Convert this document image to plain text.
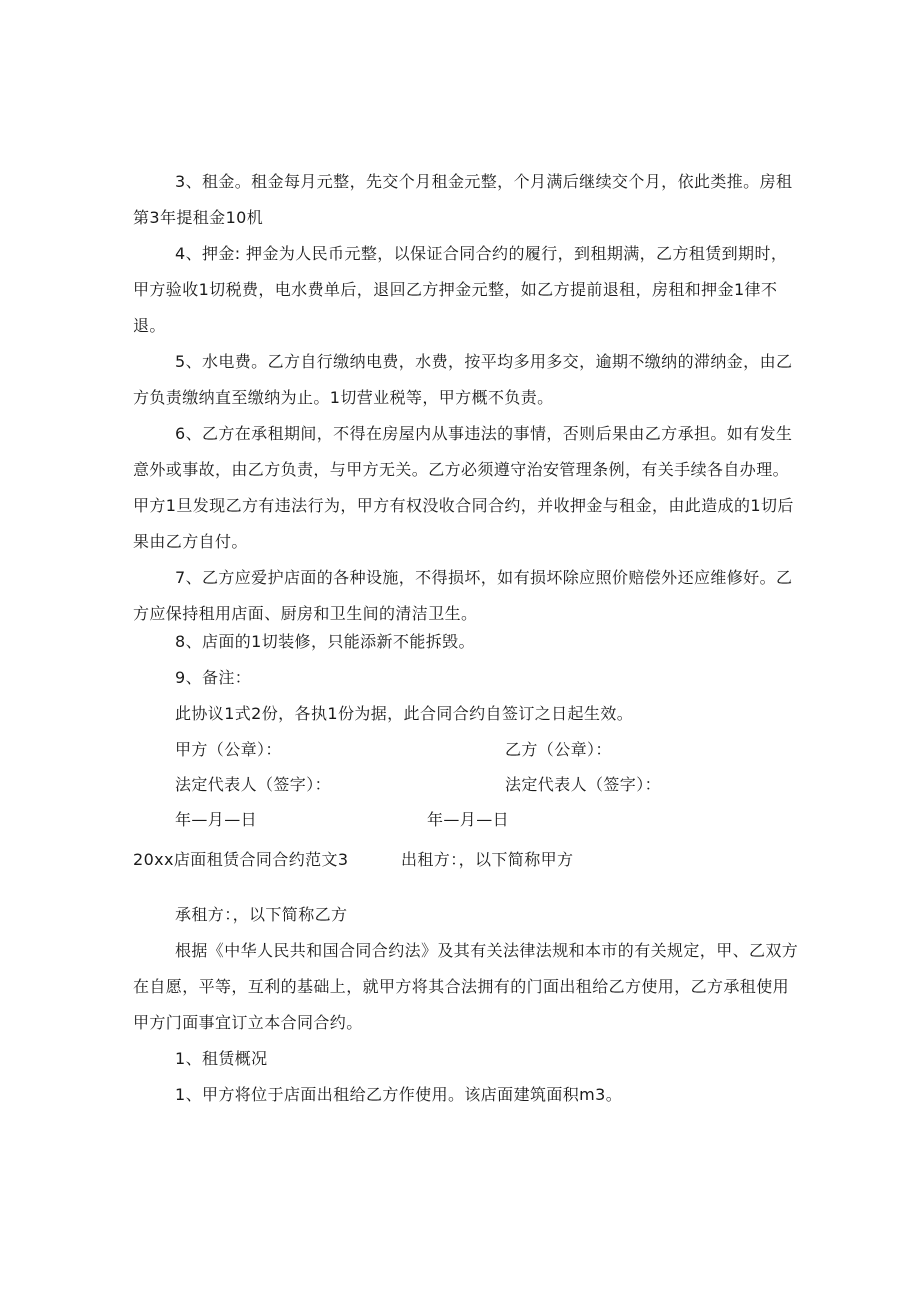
3、租金。租金每月元整，先交个月租金元整，个月满后继续交个月，依此类推。房租第3年提租金10机

4、押金: 押金为人民币元整，以保证合同合约的履行，到租期满，乙方租赁到期时，甲方验收1切税费，电水费单后，退回乙方押金元整，如乙方提前退租，房租和押金1律不退。

5、水电费。乙方自行缴纳电费，水费，按平均多用多交，逾期不缴纳的滞纳金，由乙方负责缴纳直至缴纳为止。1切营业税等，甲方概不负责。

6、乙方在承租期间，不得在房屋内从事违法的事情，否则后果由乙方承担。如有发生意外或事故，由乙方负责，与甲方无关。乙方必须遵守治安管理条例，有关手续各自办理。甲方1旦发现乙方有违法行为，甲方有权没收合同合约，并收押金与租金，由此造成的1切后果由乙方自付。

7、乙方应爱护店面的各种设施，不得损坏，如有损坏除应照价赔偿外还应维修好。乙方应保持租用店面、厨房和卫生间的清洁卫生。

8、店面的1切装修，只能添新不能拆毁。

9、备注：

此协议1式2份，各执1份为据，此合同合约自签订之日起生效。

甲方（公章）：	乙方（公章）：

法定代表人（签字）：	法定代表人（签字）：

年—月—日	年—月—日

20xx店面租赁合同合约范文3	出租方：，以下简称甲方

承租方：，以下简称乙方

根据《中华人民共和国合同合约法》及其有关法律法规和本市的有关规定，甲、乙双方在自愿，平等，互利的基础上，就甲方将其合法拥有的门面出租给乙方使用，乙方承租使用甲方门面事宜订立本合同合约。

1、租赁概况

1、甲方将位于店面出租给乙方作使用。该店面建筑面积m3。
